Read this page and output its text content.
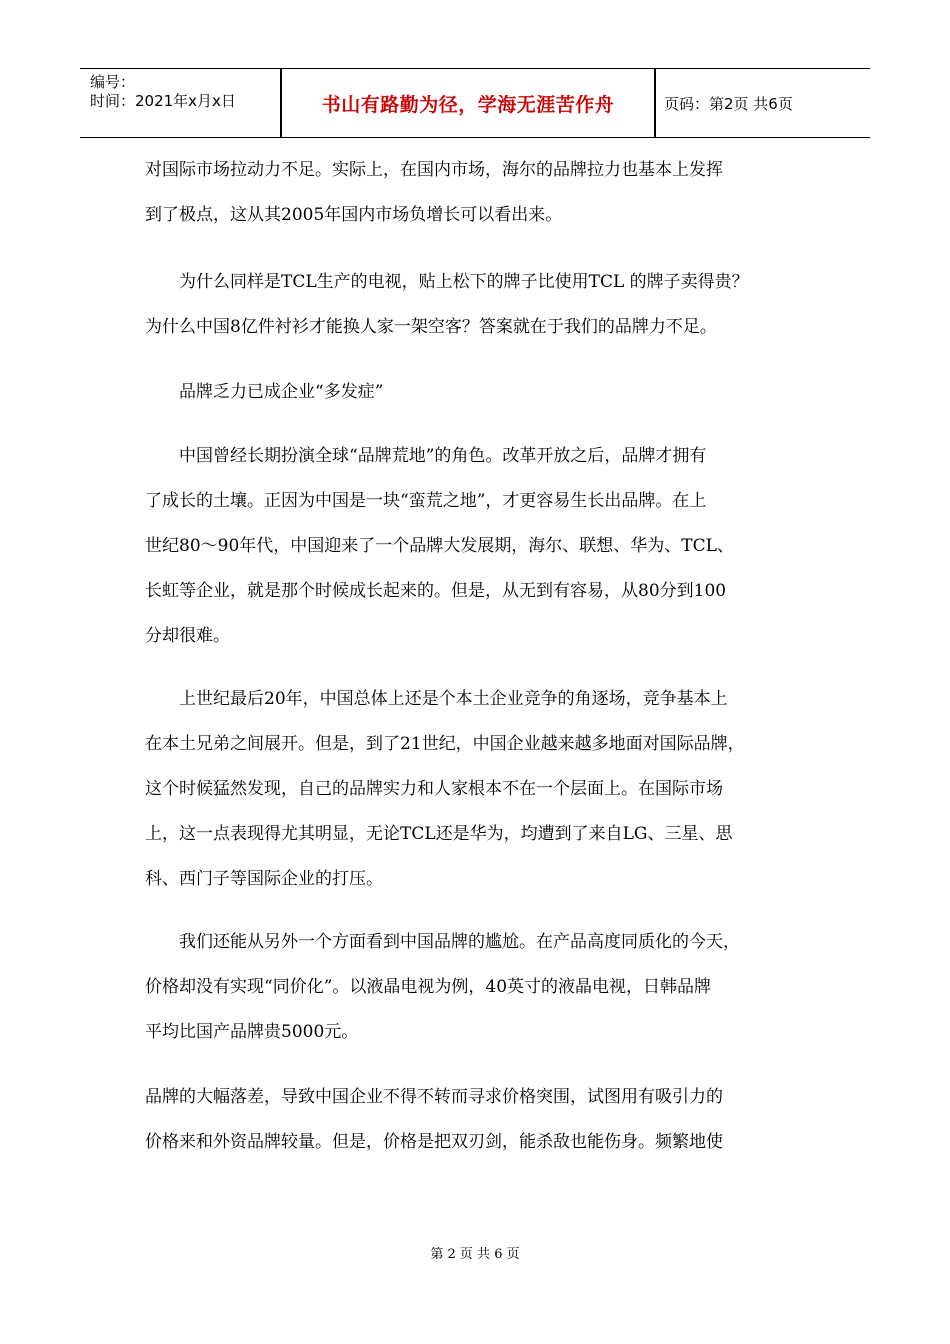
编号：
时间：2021年x月x日	书山有路勤为径，学海无涯苦作舟	页码：第2页 共6页
对国际市场拉动力不足。实际上，在国内市场，海尔的品牌拉力也基本上发挥
到了极点，这从其2005年国内市场负增长可以看出来。
　　为什么同样是TCL生产的电视，贴上松下的牌子比使用TCL 的牌子卖得贵？
为什么中国8亿件衬衫才能换人家一架空客？答案就在于我们的品牌力不足。
　　品牌乏力已成企业“多发症”
　　中国曾经长期扮演全球“品牌荒地”的角色。改革开放之后，品牌才拥有
了成长的土壤。正因为中国是一块“蛮荒之地”，才更容易生长出品牌。在上
世纪80～90年代，中国迎来了一个品牌大发展期，海尔、联想、华为、TCL、
长虹等企业，就是那个时候成长起来的。但是，从无到有容易，从80分到100
分却很难。
　　上世纪最后20年，中国总体上还是个本土企业竞争的角逐场，竞争基本上
在本土兄弟之间展开。但是，到了21世纪，中国企业越来越多地面对国际品牌，
这个时候猛然发现，自己的品牌实力和人家根本不在一个层面上。在国际市场
上，这一点表现得尤其明显，无论TCL还是华为，均遭到了来自LG、三星、思
科、西门子等国际企业的打压。
　　我们还能从另外一个方面看到中国品牌的尴尬。在产品高度同质化的今天，
价格却没有实现“同价化”。以液晶电视为例，40英寸的液晶电视，日韩品牌
平均比国产品牌贵5000元。
品牌的大幅落差，导致中国企业不得不转而寻求价格突围，试图用有吸引力的
价格来和外资品牌较量。但是，价格是把双刃剑，能杀敌也能伤身。频繁地使
第 2 页 共 6 页
